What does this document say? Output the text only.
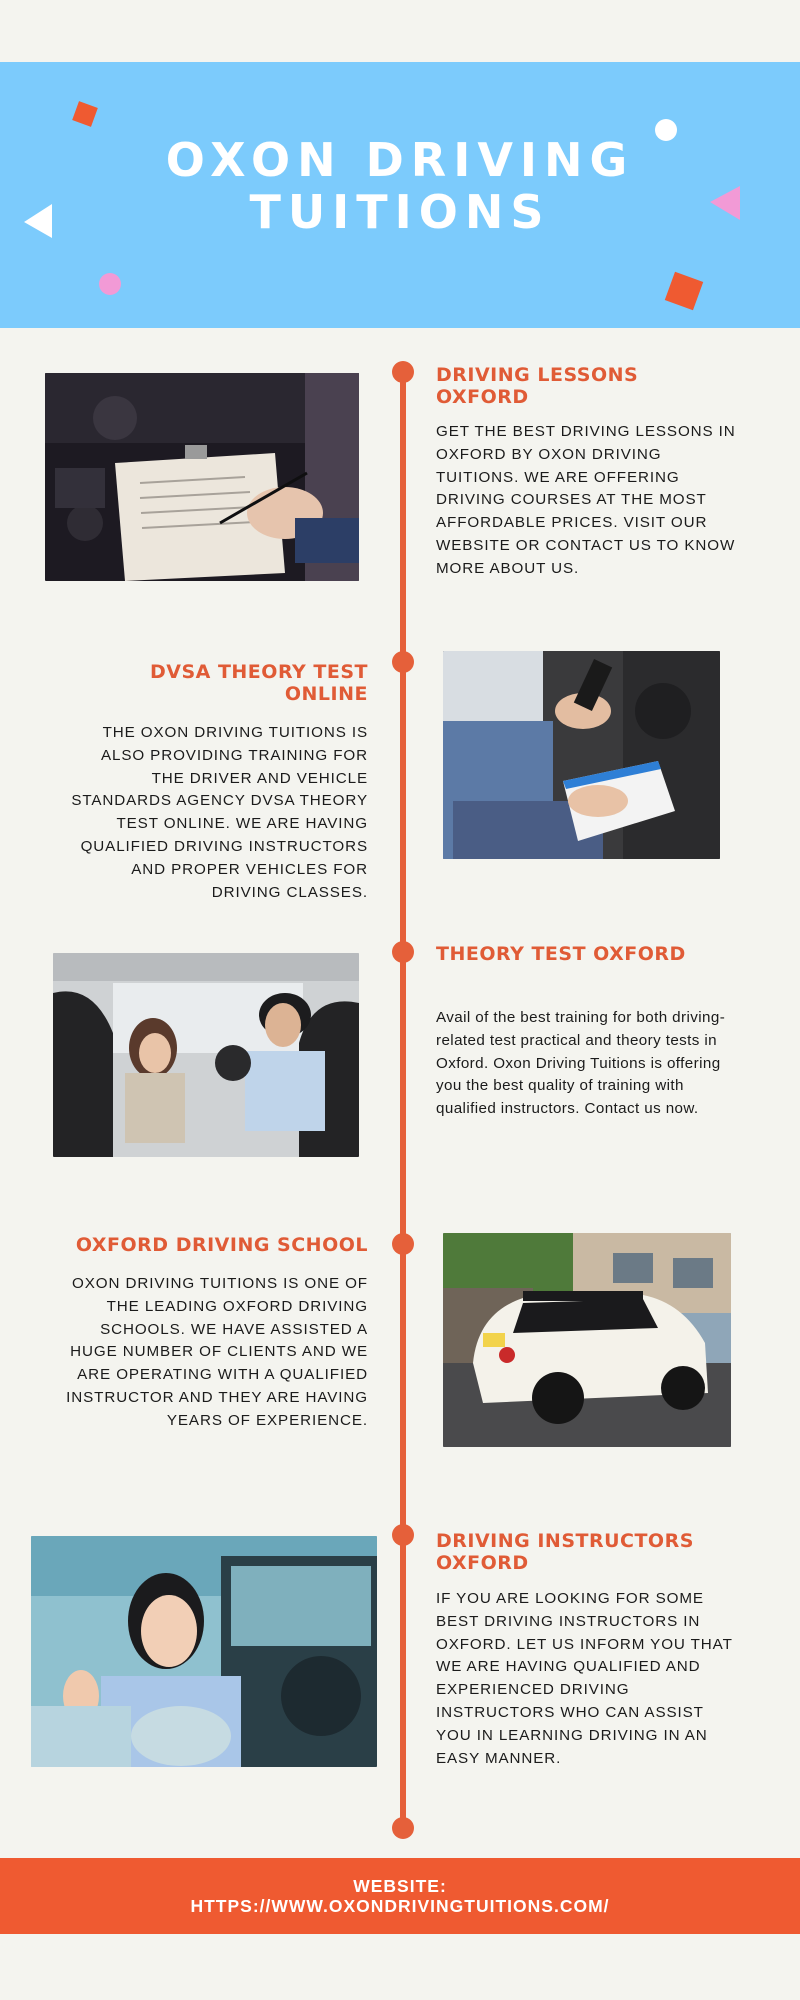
OXON DRIVING
TUITIONS
DRIVING LESSONS OXFORD

GET THE BEST DRIVING LESSONS IN OXFORD BY OXON DRIVING TUITIONS. WE ARE OFFERING DRIVING COURSES AT THE MOST AFFORDABLE PRICES. VISIT OUR WEBSITE OR CONTACT US TO KNOW MORE ABOUT US.

DVSA THEORY TEST ONLINE

THE OXON DRIVING TUITIONS IS ALSO PROVIDING TRAINING FOR THE DRIVER AND VEHICLE STANDARDS AGENCY DVSA THEORY TEST ONLINE. WE ARE HAVING QUALIFIED DRIVING INSTRUCTORS AND PROPER VEHICLES FOR DRIVING CLASSES.

THEORY TEST OXFORD

Avail of the best training for both driving-related test practical and theory tests in Oxford. Oxon Driving Tuitions is offering you the best quality of training with qualified instructors. Contact us now.

OXFORD DRIVING SCHOOL

OXON DRIVING TUITIONS IS ONE OF THE LEADING OXFORD DRIVING SCHOOLS. WE HAVE ASSISTED A HUGE NUMBER OF CLIENTS AND WE ARE OPERATING WITH A QUALIFIED INSTRUCTOR AND THEY ARE HAVING YEARS OF EXPERIENCE.

DRIVING INSTRUCTORS OXFORD

IF YOU ARE LOOKING FOR SOME BEST DRIVING INSTRUCTORS IN OXFORD. LET US INFORM YOU THAT WE ARE HAVING QUALIFIED AND EXPERIENCED DRIVING INSTRUCTORS WHO CAN ASSIST YOU IN LEARNING DRIVING IN AN EASY MANNER.

WEBSITE:
HTTPS://WWW.OXONDRIVINGTUITIONS.COM/
